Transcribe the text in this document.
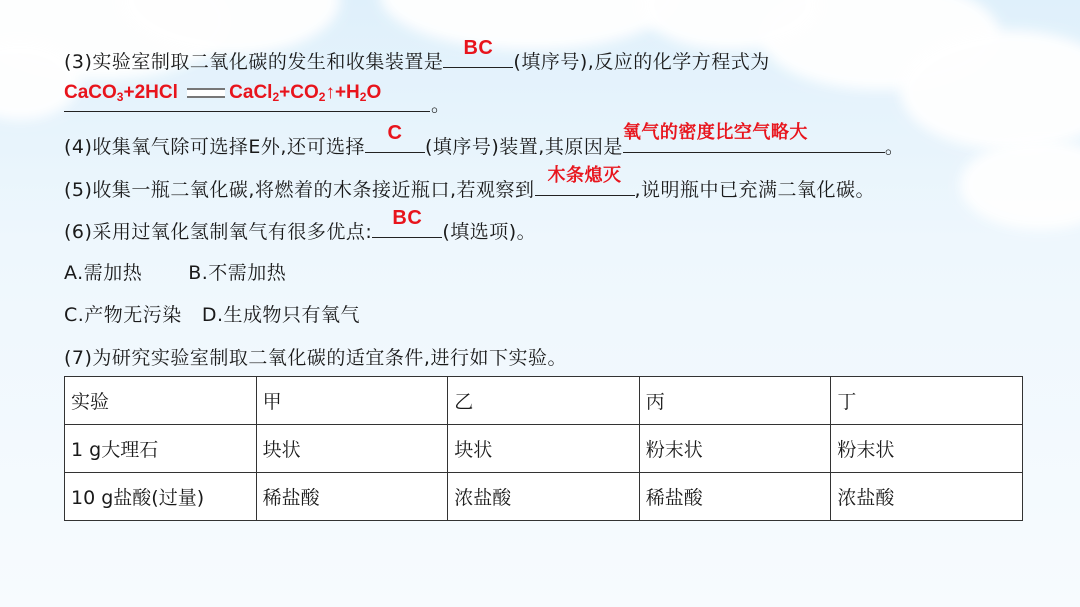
(3)实验室制取二氧化碳的发生和收集装置是
BC
(填序号),反应的化学方程式为
CaCO$_3$+2HCl	$CaCl_2+CO_2↑+H_2O$
。
(4)收集氧气除可选择E外,还可选择
C
(填序号)装置,其原因是
氧气的密度比空气略大
。
(5)收集一瓶二氧化碳,将燃着的木条接近瓶口,若观察到
木条熄灭
,说明瓶中已充满二氧化碳。
(6)采用过氧化氢制氧气有很多优点:
BC
(填选项)。
A.需加热 B.不需加热
C.产物无污染 D.生成物只有氧气
(7)为研究实验室制取二氧化碳的适宜条件,进行如下实验。
实验	甲	乙	丙	丁
1 g大理石	块状	块状	粉末状	粉末状
10 g盐酸(过量)	稀盐酸	浓盐酸	稀盐酸	浓盐酸
